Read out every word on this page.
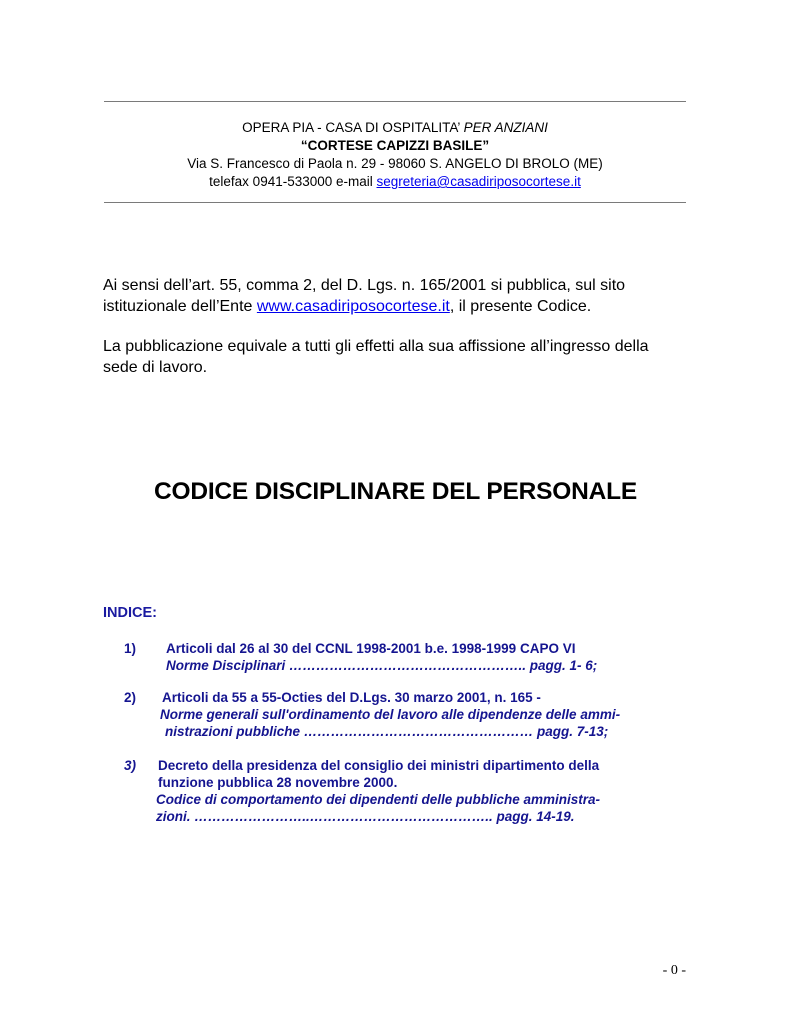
OPERA PIA - CASA DI OSPITALITA’ PER ANZIANI
“CORTESE CAPIZZI BASILE”
Via S. Francesco di Paola n. 29 - 98060 S. ANGELO DI BROLO (ME)
telefax 0941-533000 e-mail segreteria@casadiriposocortese.it
Ai sensi dell’art. 55, comma 2, del D. Lgs. n. 165/2001 si pubblica, sul sito
istituzionale dell’Ente www.casadiriposocortese.it, il presente Codice.
La pubblicazione equivale a tutti gli effetti alla sua affissione all’ingresso della
sede di lavoro.
CODICE DISCIPLINARE DEL PERSONALE
INDICE:
1) Articoli dal 26 al 30 del CCNL 1998-2001 b.e. 1998-1999 CAPO VI
Norme Disciplinari …………………………………………….. pagg. 1- 6;
2) Articoli da 55 a 55-Octies del D.Lgs. 30 marzo 2001, n. 165 -
Norme generali sull'ordinamento del lavoro alle dipendenze delle ammi-
nistrazioni pubbliche …………………………………………… pagg. 7-13;
3) Decreto della presidenza del consiglio dei ministri dipartimento della
funzione pubblica 28 novembre 2000.
Codice di comportamento dei dipendenti delle pubbliche amministra-
zioni. ……………………..………………………………….. pagg. 14-19.
- 0 -
